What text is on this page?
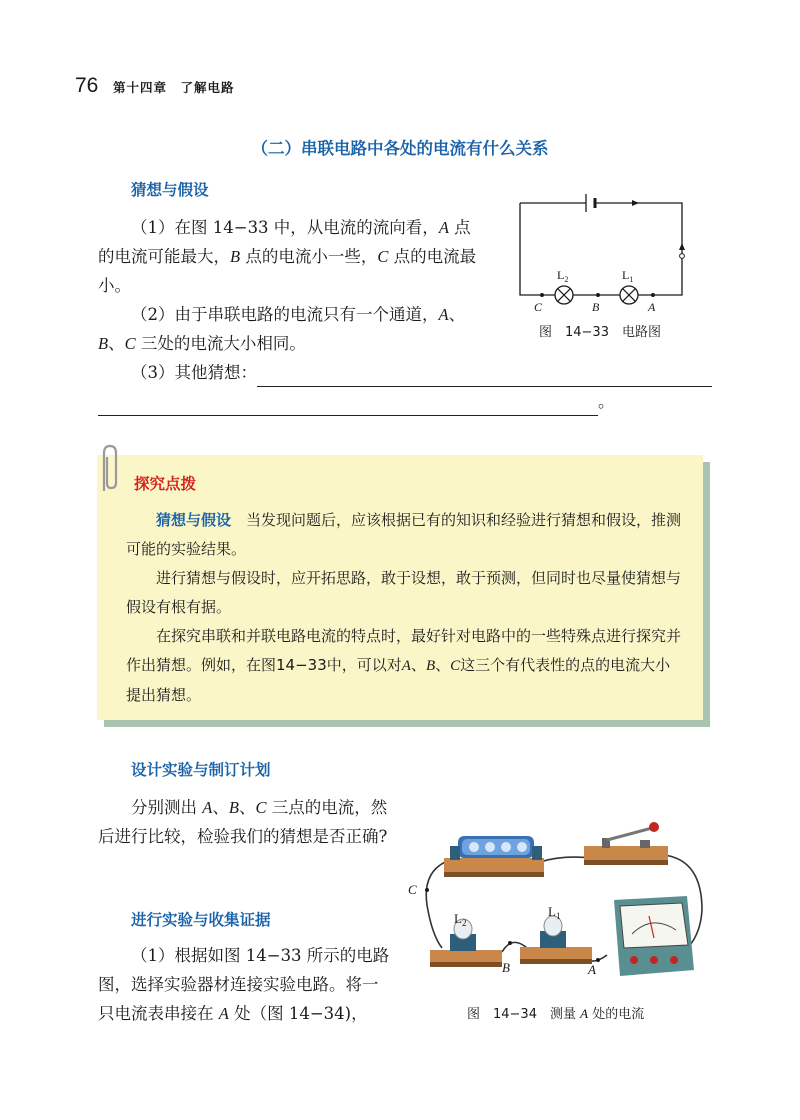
76 第十四章　了解电路
（二）串联电路中各处的电流有什么关系
猜想与假设

（1）在图 14−33 中，从电流的流向看，A 点的电流可能最大，B 点的电流小一些，C 点的电流最小。

（2）由于串联电路的电流只有一个通道，A、B、C 三处的电流大小相同。

（3）其他猜想：

。

$L_2$	$L_1$
C	B	A
图　14−33　电路图
探究点拨

猜想与假设　当发现问题后，应该根据已有的知识和经验进行猜想和假设，推测可能的实验结果。

进行猜想与假设时，应开拓思路，敢于设想，敢于预测，但同时也尽量使猜想与假设有根有据。

在探究串联和并联电路电流的特点时，最好针对电路中的一些特殊点进行探究并作出猜想。例如，在图14−33中，可以对A、B、C这三个有代表性的点的电流大小提出猜想。

设计实验与制订计划

分别测出 A、B、C 三点的电流，然后进行比较，检验我们的猜想是否正确?

进行实验与收集证据

（1）根据如图 14−33 所示的电路图，选择实验器材连接实验电路。将一只电流表串接在 A 处（图 14−34)，

C
B	A
$L_2$
$L_1$
图　14−34　测量 A 处的电流
